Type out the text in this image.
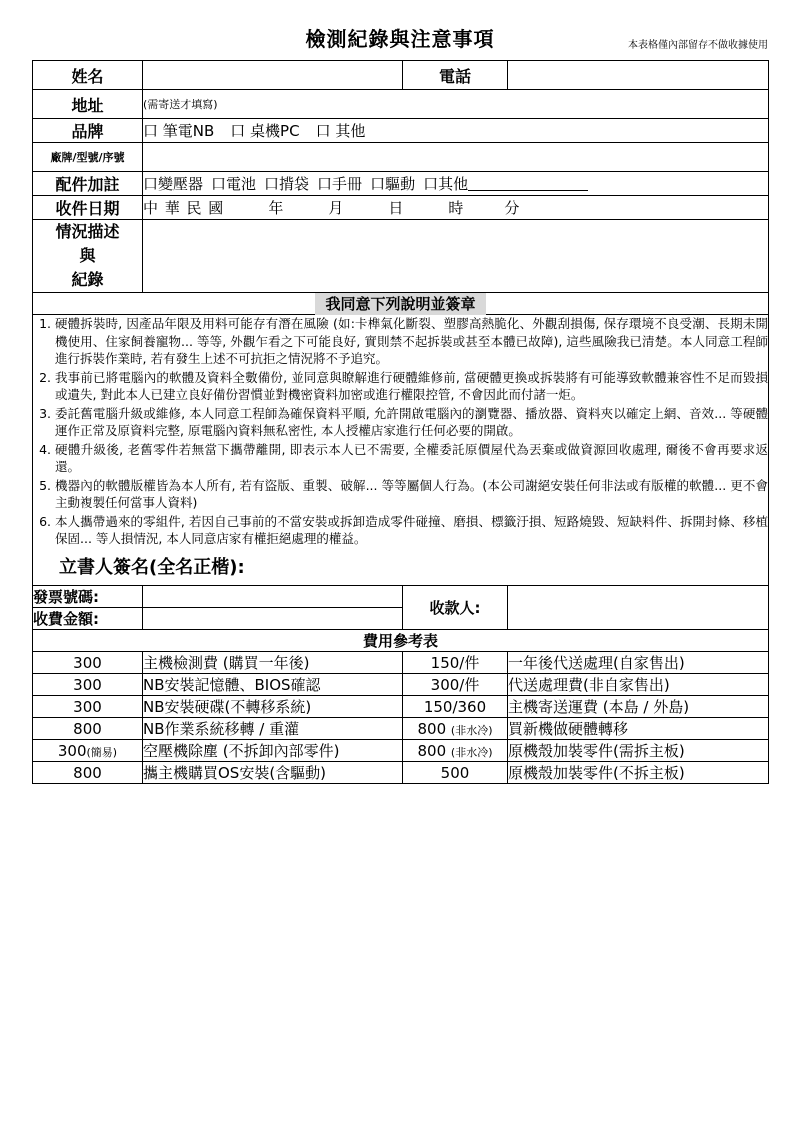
檢測紀錄與注意事項	本表格僅內部留存不做收據使用
姓名		電話	
地址	(需寄送才填寫)		
品牌	口 筆電NB 口 桌機PC 口 其他		
廠牌/型號/序號			
配件加註	口變壓器 口電池 口揹袋 口手冊 口驅動 口其他		
收件日期	中 華 民 國 年 月 日 時 分		

情況描述
與
紀錄			

我同意下列說明並簽章			

1. 硬體拆裝時, 因產品年限及用料可能存有潛在風險 (如:卡榫氣化斷裂、塑膠高熱脆化、外觀刮損傷, 保存環境不良受潮、長期未開機使用、住家飼養寵物... 等等, 外觀乍看之下可能良好, 實則禁不起拆裝或甚至本體已故障), 這些風險我已清楚。本人同意工程師進行拆裝作業時, 若有發生上述不可抗拒之情況將不予追究。
2. 我事前已將電腦內的軟體及資料全數備份, 並同意與瞭解進行硬體維修前, 當硬體更換或拆裝將有可能導致軟體兼容性不足而毀損或遺失, 對此本人已建立良好備份習慣並對機密資料加密或進行權限控管, 不會因此而付諸一炬。
3. 委託舊電腦升級或維修, 本人同意工程師為確保資料平順, 允許開啟電腦內的瀏覽器、播放器、資料夾以確定上網、音效... 等硬體運作正常及原資料完整, 原電腦內資料無私密性, 本人授權店家進行任何必要的開啟。
4. 硬體升級後, 老舊零件若無當下攜帶離開, 即表示本人已不需要, 全權委託原價屋代為丟棄或做資源回收處理, 爾後不會再要求返還。
5. 機器內的軟體版權皆為本人所有, 若有盜版、重製、破解... 等等屬個人行為。(本公司謝絕安裝任何非法或有版權的軟體... 更不會主動複製任何當事人資料)
6. 本人攜帶過來的零組件, 若因自己事前的不當安裝或拆卸造成零件碰撞、磨損、標籤汙損、短路燒毀、短缺料件、拆開封條、移植保固... 等人損情況, 本人同意店家有權拒絕處理的權益。
立書人簽名(全名正楷):

發票號碼:		收款人:	
收費金額:			
費用參考表			
300	主機檢測費 (購買一年後)	150/件	一年後代送處理(自家售出)
300	NB安裝記憶體、BIOS確認	300/件	代送處理費(非自家售出)
300	NB安裝硬碟(不轉移系統)	150/360	主機寄送運費 (本島 / 外島)
800	NB作業系統移轉 / 重灌	800 (非水冷)	買新機做硬體轉移
300(簡易)	空壓機除塵 (不拆卸內部零件)	800 (非水冷)	原機殼加裝零件(需拆主板)
800	攜主機購買OS安裝(含驅動)	500	原機殼加裝零件(不拆主板)
